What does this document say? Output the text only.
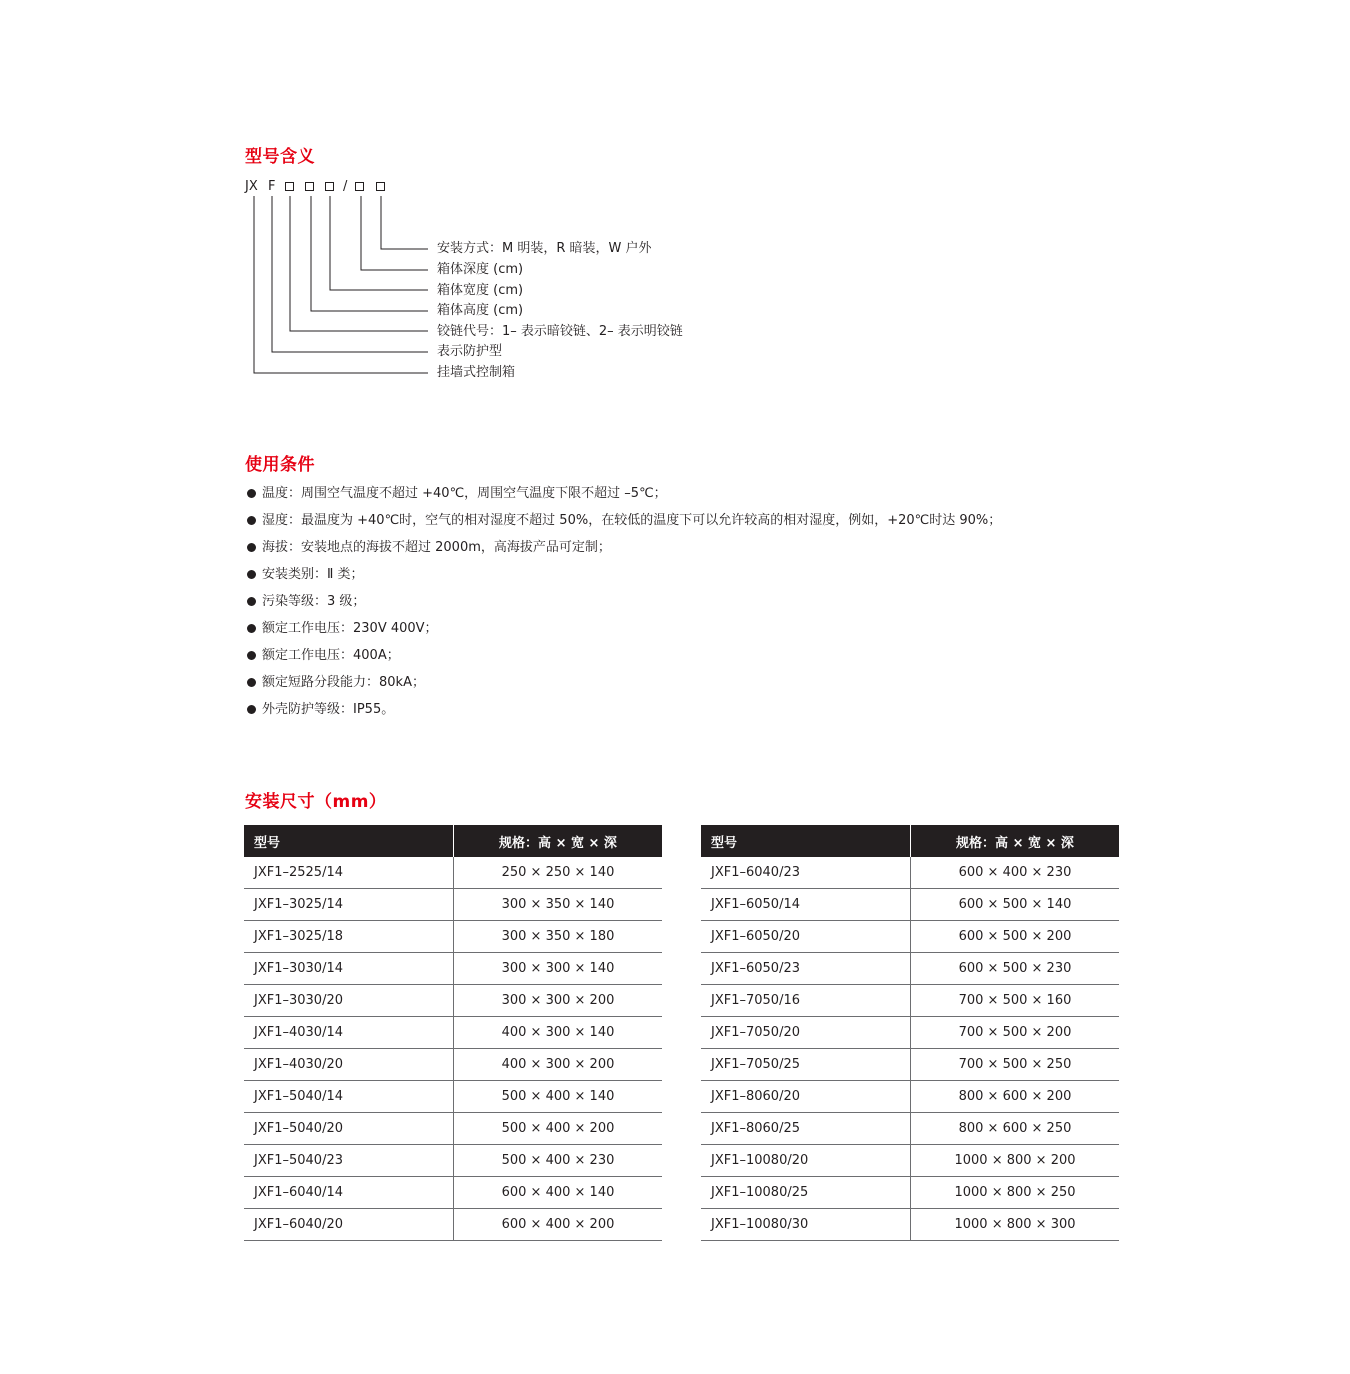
型号含义
JX F	/
安装方式：M 明装，R 暗装，W 户外
箱体深度 (cm)
箱体宽度 (cm)
箱体高度 (cm)
铰链代号：1– 表示暗铰链、2– 表示明铰链
表示防护型
挂墙式控制箱
使用条件
温度：周围空气温度不超过 +40℃，周围空气温度下限不超过 –5℃；
湿度：最温度为 +40℃时，空气的相对湿度不超过 50%，在较低的温度下可以允许较高的相对湿度，例如，+20℃时达 90%；
海拔：安装地点的海拔不超过 2000m，高海拔产品可定制；
安装类别：Ⅱ 类；
污染等级：3 级；
额定工作电压：230V 400V；
额定工作电压：400A；
额定短路分段能力：80kA；
外壳防护等级：IP55。
安装尺寸（mm）
型号	规格：高 × 宽 × 深
JXF1–2525/14	250 × 250 × 140
JXF1–3025/14	300 × 350 × 140
JXF1–3025/18	300 × 350 × 180
JXF1–3030/14	300 × 300 × 140
JXF1–3030/20	300 × 300 × 200
JXF1–4030/14	400 × 300 × 140
JXF1–4030/20	400 × 300 × 200
JXF1–5040/14	500 × 400 × 140
JXF1–5040/20	500 × 400 × 200
JXF1–5040/23	500 × 400 × 230
JXF1–6040/14	600 × 400 × 140
JXF1–6040/20	600 × 400 × 200
型号	规格：高 × 宽 × 深
JXF1–6040/23	600 × 400 × 230
JXF1–6050/14	600 × 500 × 140
JXF1–6050/20	600 × 500 × 200
JXF1–6050/23	600 × 500 × 230
JXF1–7050/16	700 × 500 × 160
JXF1–7050/20	700 × 500 × 200
JXF1–7050/25	700 × 500 × 250
JXF1–8060/20	800 × 600 × 200
JXF1–8060/25	800 × 600 × 250
JXF1–10080/20	1000 × 800 × 200
JXF1–10080/25	1000 × 800 × 250
JXF1–10080/30	1000 × 800 × 300
